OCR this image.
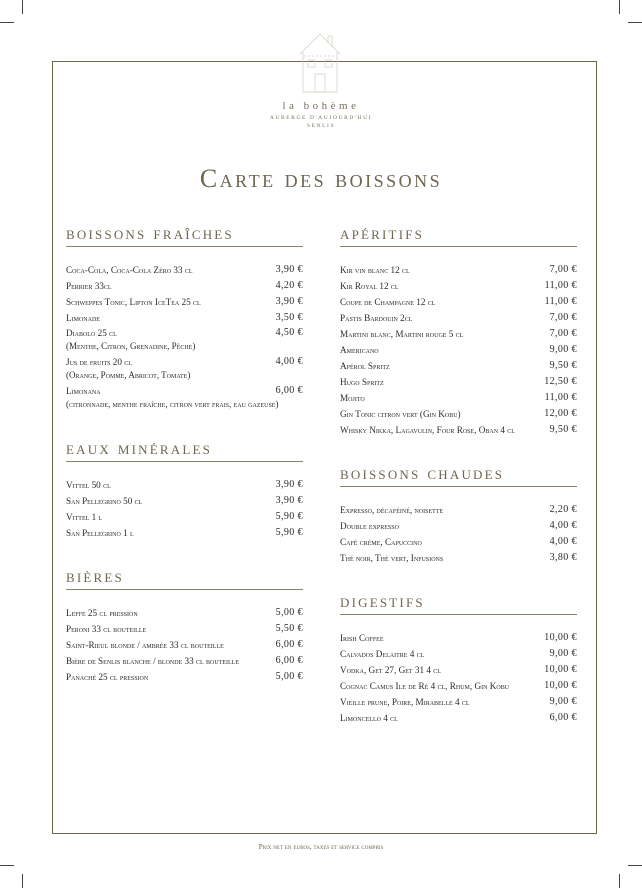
la bohème
AUBERGE D'AUJOURD'HUI
SENLIS
Carte des boissons
boissons fraîches
Coca-Cola, Coca-Cola Zéro 33 cl	3,90 €
Perrier 33cl	4,20 €
Schweppes Tonic, Lipton IceTea 25 cl	3,90 €
Limonade	3,50 €
Diabolo 25 cl	4,50 €
(Menthe, Citron, Grenadine, Pêche)
Jus de fruits 20 cl	4,00 €
(Orange, Pomme, Abricot, Tomate)
Limonana	6,00 €
(citronnade, menthe fraîche, citron vert frais, eau gazeuse)
eaux minérales
Vittel 50 cl	3,90 €
San Pellegrino 50 cl	3,90 €
Vittel 1 l	5,90 €
San Pellegrino 1 l	5,90 €
bières
Leffe 25 cl pression	5,00 €
Peroni 33 cl bouteille	5,50 €
Saint-Rieul blonde / ambrée 33 cl bouteille	6,00 €
Bière de Senlis blanche / blonde 33 cl bouteille	6,00 €
Panaché 25 cl pression	5,00 €
apéritifs
Kir vin blanc 12 cl	7,00 €
Kir Royal 12 cl	11,00 €
Coupe de Champagne 12 cl	11,00 €
Pastis Bardouin 2cl	7,00 €
Martini blanc, Martini rouge 5 cl	7,00 €
Americano	9,00 €
Apérol Spritz	9,50 €
Hugo Spritz	12,50 €
Mojito	11,00 €
Gin Tonic citron vert (Gin Kobu)	12,00 €
Whisky Nikka, Lagavulin, Four Rose, Oban 4 cl	9,50 €
boissons chaudes
Expresso, décaféiné, noisette	2,20 €
Double expresso	4,00 €
Café crème, Capuccino	4,00 €
Thé noir, Thé vert, Infusions	3,80 €
digestifs
Irish Coffee	10,00 €
Calvados Delaitre 4 cl	9,00 €
Vodka, Get 27, Get 31 4 cl	10,00 €
Cognac Camus Ile de Ré 4 cl, Rhum, Gin Kobu	10,00 €
Vieille prune, Poire, Mirabelle 4 cl	9,00 €
Limoncello 4 cl	6,00 €
Prix net en euros, taxes et service compris
